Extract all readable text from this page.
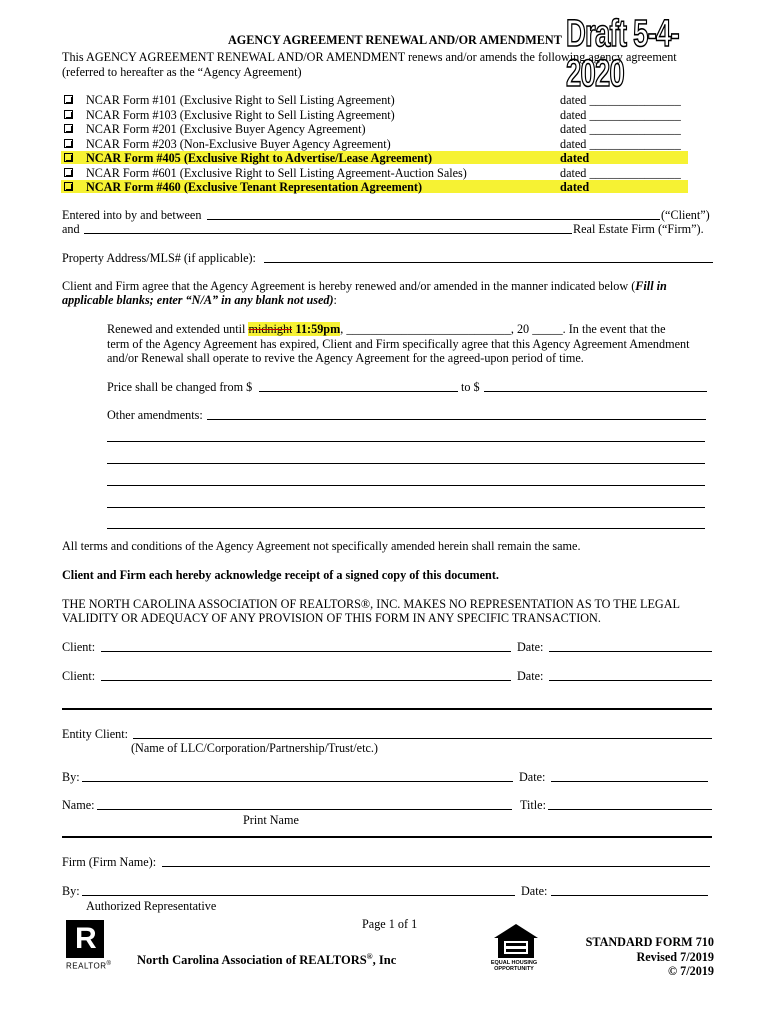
AGENCY AGREEMENT RENEWAL AND/OR AMENDMENT Draft 5-4-2020
This AGENCY AGREEMENT RENEWAL AND/OR AMENDMENT renews and/or amends the following agency agreement
(referred to hereafter as the “Agency Agreement)
NCAR Form #101 (Exclusive Right to Sell Listing Agreement)	dated _______________
NCAR Form #103 (Exclusive Right to Sell Listing Agreement)	dated _______________
NCAR Form #201 (Exclusive Buyer Agency Agreement)	dated _______________
NCAR Form #203 (Non-Exclusive Buyer Agency Agreement)	dated _______________
NCAR Form #405 (Exclusive Right to Advertise/Lease Agreement)	dated
NCAR Form #601 (Exclusive Right to Sell Listing Agreement-Auction Sales)	dated _______________
NCAR Form #460 (Exclusive Tenant Representation Agreement)	dated
Entered into by and between	(“Client”)
and	Real Estate Firm (“Firm”).
Property Address/MLS# (if applicable):
Client and Firm agree that the Agency Agreement is hereby renewed and/or amended in the manner indicated below (Fill in
applicable blanks; enter “N/A” in any blank not used):
Renewed and extended until midnight 11:59pm, ___________________________, 20 _____. In the event that the
term of the Agency Agreement has expired, Client and Firm specifically agree that this Agency Agreement Amendment
and/or Renewal shall operate to revive the Agency Agreement for the agreed-upon period of time.
Price shall be changed from $	to $
Other amendments:
All terms and conditions of the Agency Agreement not specifically amended herein shall remain the same.
Client and Firm each hereby acknowledge receipt of a signed copy of this document.
THE NORTH CAROLINA ASSOCIATION OF REALTORS®, INC. MAKES NO REPRESENTATION AS TO THE LEGAL
VALIDITY OR ADEQUACY OF ANY PROVISION OF THIS FORM IN ANY SPECIFIC TRANSACTION.
Client:	Date:
Client:	Date:
Entity Client:
(Name of LLC/Corporation/Partnership/Trust/etc.)
By:	Date:
Name:	Title:
Print Name
Firm (Firm Name):
By:	Date:
Authorized Representative
Page 1 of 1
R
REALTOR® North Carolina Association of REALTORS®, Inc	EQUAL HOUSING OPPORTUNITY
STANDARD FORM 710
Revised 7/2019
© 7/2019
